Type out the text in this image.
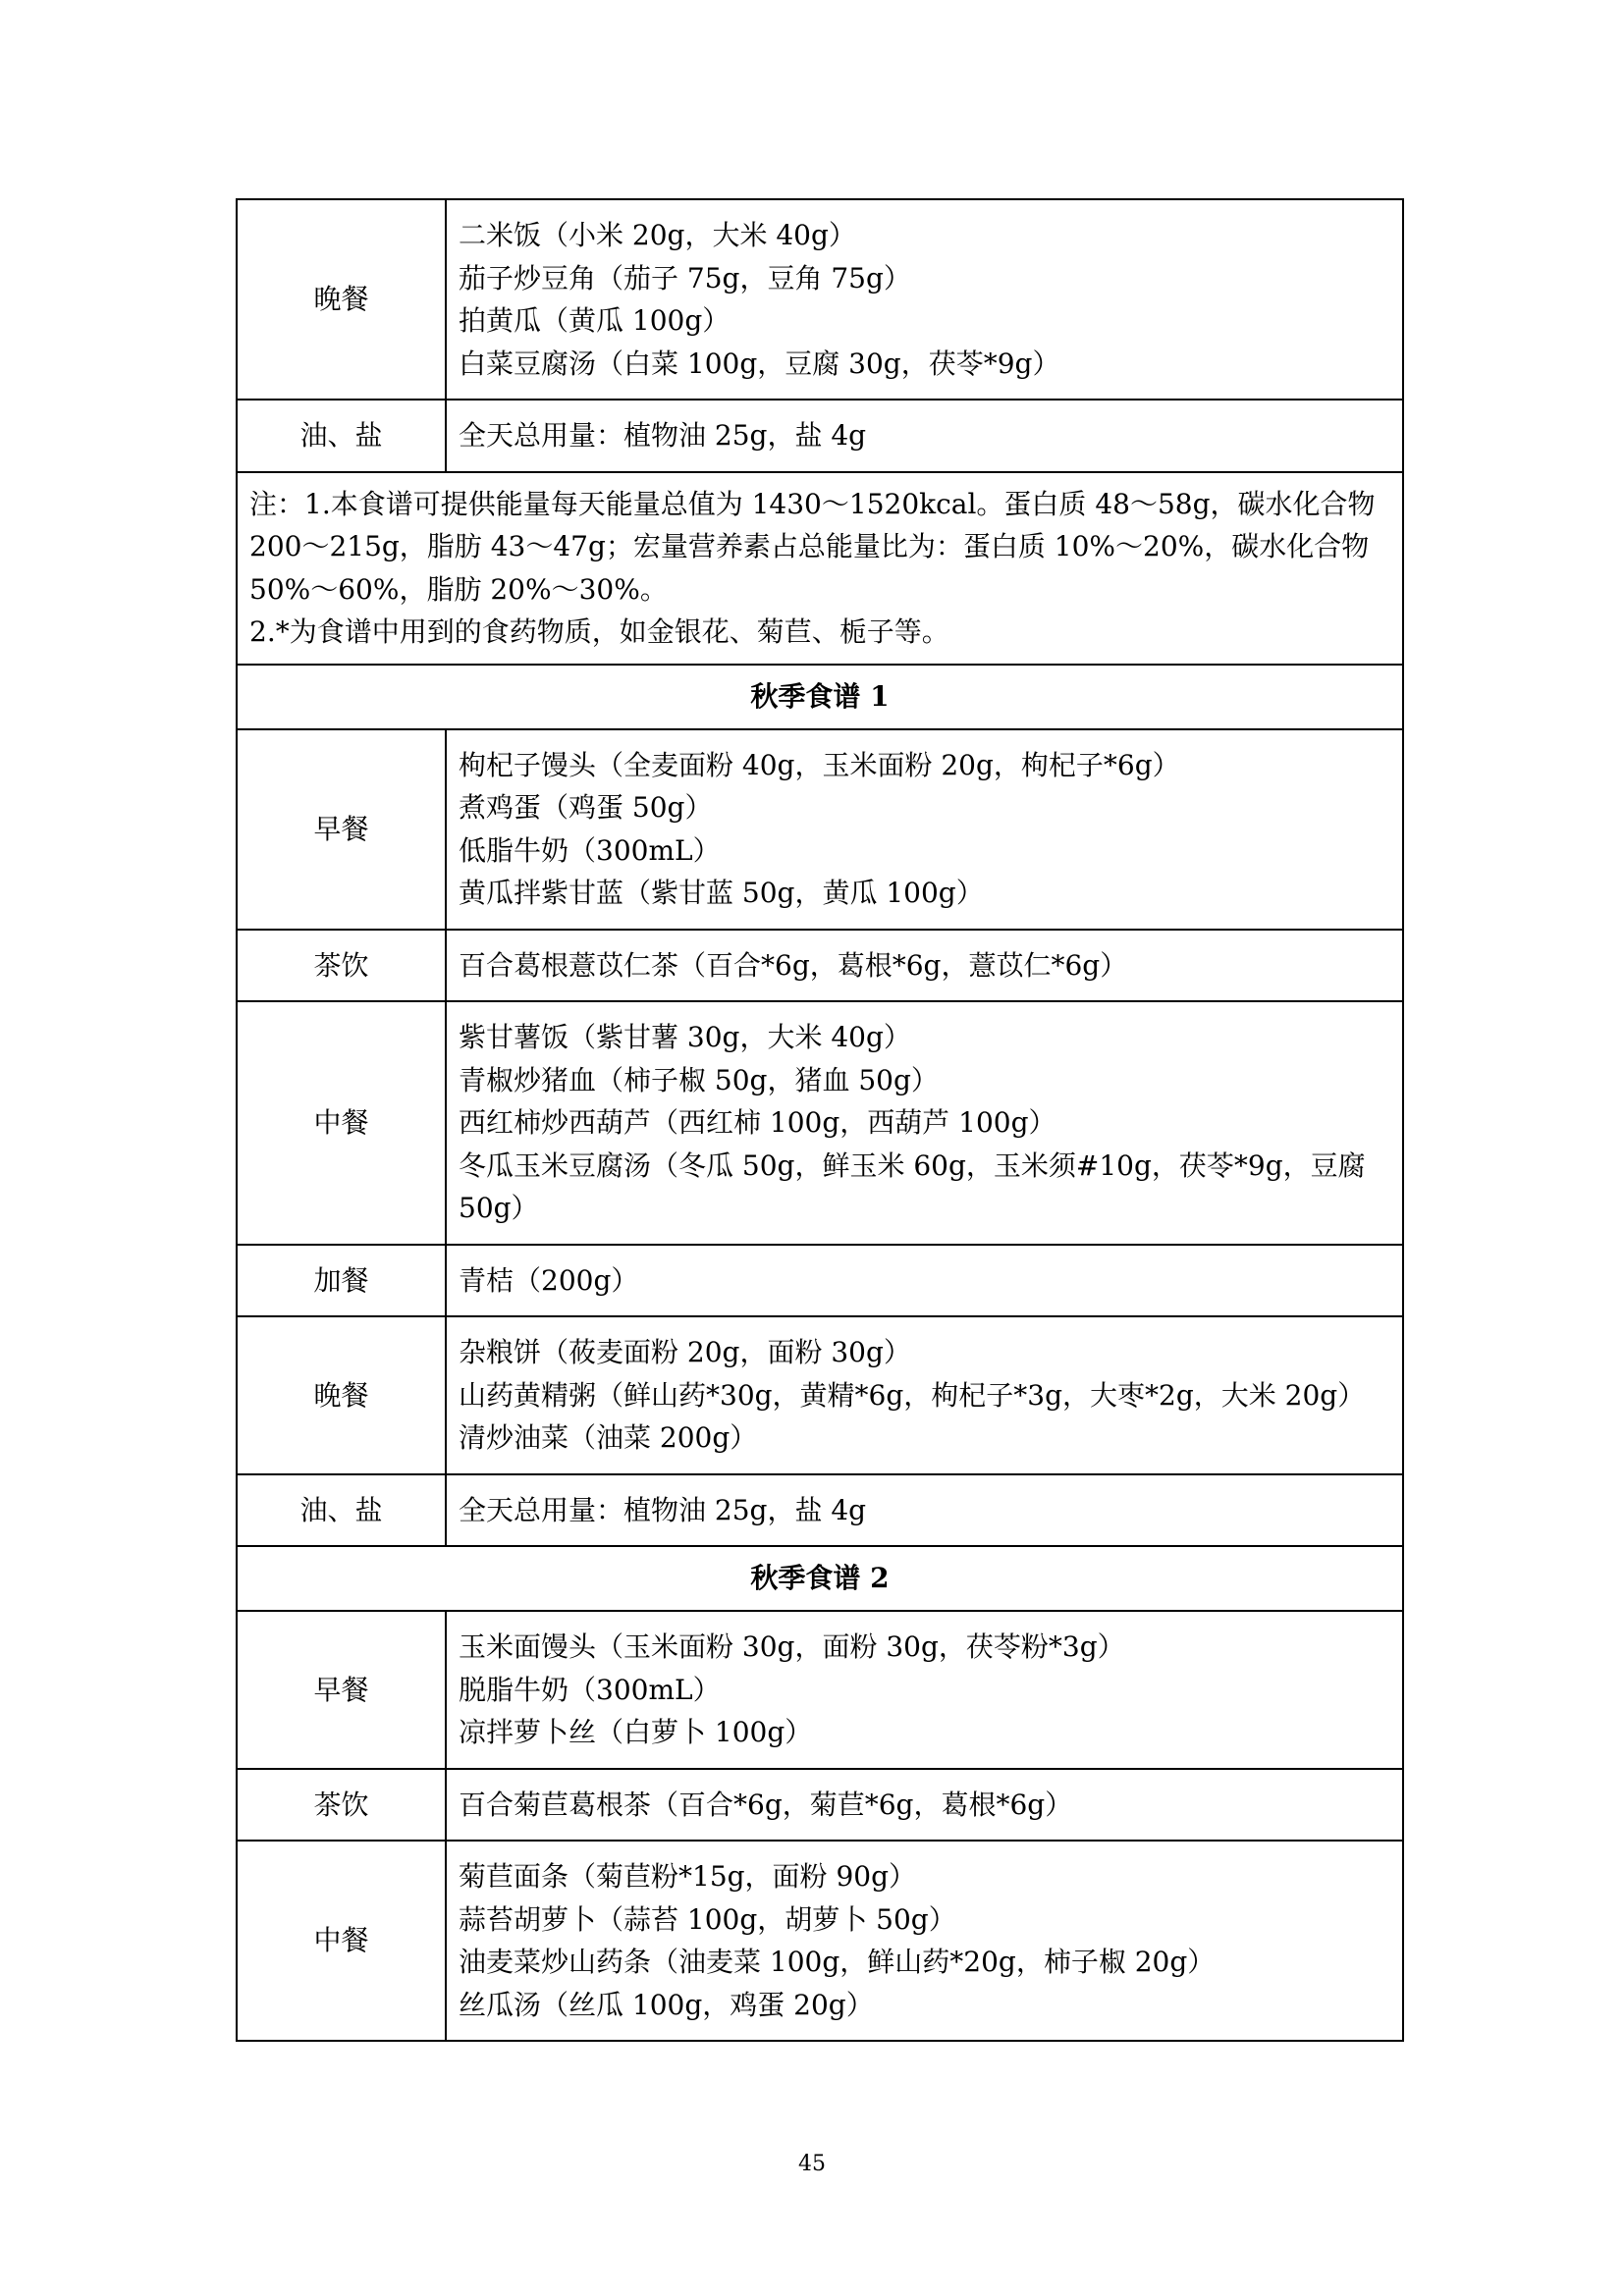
晚餐	二米饭（小米 20g，大米 40g）
茄子炒豆角（茄子 75g，豆角 75g）
拍黄瓜（黄瓜 100g）
白菜豆腐汤（白菜 100g，豆腐 30g，茯苓*9g）

油、盐	全天总用量：植物油 25g，盐 4g

注：1.本食谱可提供能量每天能量总值为 1430～1520kcal。蛋白质 48～58g，碳水化合物 200～215g，脂肪 43～47g；宏量营养素占总能量比为：蛋白质 10%～20%，碳水化合物 50%～60%，脂肪 20%～30%。

2.*为食谱中用到的食药物质，如金银花、菊苣、栀子等。	

秋季食谱 1	
早餐	枸杞子馒头（全麦面粉 40g，玉米面粉 20g，枸杞子*6g）
煮鸡蛋（鸡蛋 50g）
低脂牛奶（300mL）
黄瓜拌紫甘蓝（紫甘蓝 50g，黄瓜 100g）

茶饮	百合葛根薏苡仁茶（百合*6g，葛根*6g，薏苡仁*6g）

中餐	紫甘薯饭（紫甘薯 30g，大米 40g）
青椒炒猪血（柿子椒 50g，猪血 50g）
西红柿炒西葫芦（西红柿 100g，西葫芦 100g）
冬瓜玉米豆腐汤（冬瓜 50g，鲜玉米 60g，玉米须#10g，茯苓*9g，豆腐 50g）

加餐	青桔（200g）

晚餐	杂粮饼（莜麦面粉 20g，面粉 30g）
山药黄精粥（鲜山药*30g，黄精*6g，枸杞子*3g，大枣*2g，大米 20g）
清炒油菜（油菜 200g）

油、盐	全天总用量：植物油 25g，盐 4g

秋季食谱 2	
早餐	玉米面馒头（玉米面粉 30g，面粉 30g，茯苓粉*3g）
脱脂牛奶（300mL）
凉拌萝卜丝（白萝卜 100g）

茶饮	百合菊苣葛根茶（百合*6g，菊苣*6g，葛根*6g）

中餐	菊苣面条（菊苣粉*15g，面粉 90g）
蒜苔胡萝卜（蒜苔 100g，胡萝卜 50g）
油麦菜炒山药条（油麦菜 100g，鲜山药*20g，柿子椒 20g）
丝瓜汤（丝瓜 100g，鸡蛋 20g）
45
